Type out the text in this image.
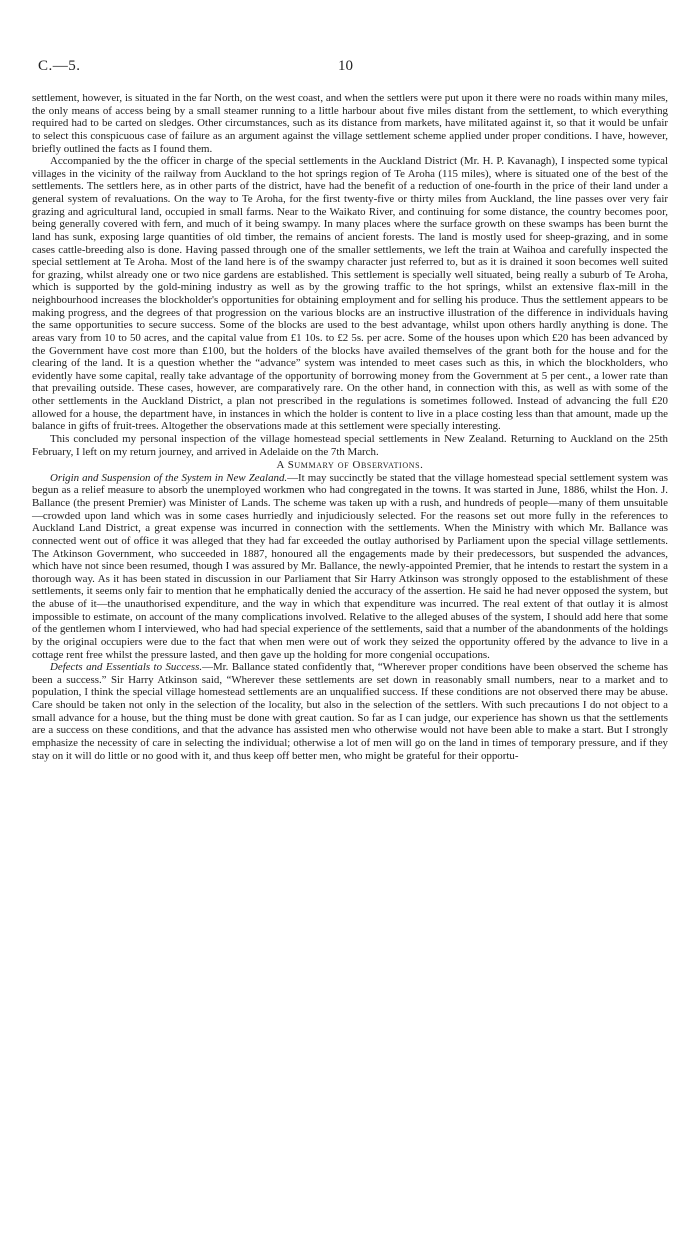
C.—5.	10

settlement, however, is situated in the far North, on the west coast, and when the settlers were put upon it there were no roads within many miles, the only means of access being by a small steamer running to a little harbour about five miles distant from the settlement, to which everything required had to be carted on sledges. Other circumstances, such as its distance from markets, have militated against it, so that it would be unfair to select this conspicuous case of failure as an argument against the village settlement scheme applied under proper conditions. I have, however, briefly outlined the facts as I found them.

Accompanied by the the officer in charge of the special settlements in the Auckland District (Mr. H. P. Kavanagh), I inspected some typical villages in the vicinity of the railway from Auckland to the hot springs region of Te Aroha (115 miles), where is situated one of the best of the settlements. The settlers here, as in other parts of the district, have had the benefit of a reduction of one-fourth in the price of their land under a general system of revaluations. On the way to Te Aroha, for the first twenty-five or thirty miles from Auckland, the line passes over very fair grazing and agricultural land, occupied in small farms. Near to the Waikato River, and continuing for some distance, the country becomes poor, being generally covered with fern, and much of it being swampy. In many places where the surface growth on these swamps has been burnt the land has sunk, exposing large quantities of old timber, the remains of ancient forests. The land is mostly used for sheep-grazing, and in some cases cattle-breeding also is done. Having passed through one of the smaller settlements, we left the train at Waihoa and carefully inspected the special settlement at Te Aroha. Most of the land here is of the swampy character just referred to, but as it is drained it soon becomes well suited for grazing, whilst already one or two nice gardens are established. This settlement is specially well situated, being really a suburb of Te Aroha, which is supported by the gold-mining industry as well as by the growing traffic to the hot springs, whilst an extensive flax-mill in the neighbourhood increases the blockholder's opportunities for obtaining employment and for selling his produce. Thus the settlement appears to be making progress, and the degrees of that progression on the various blocks are an instructive illustration of the difference in individuals having the same opportunities to secure success. Some of the blocks are used to the best advantage, whilst upon others hardly anything is done. The areas vary from 10 to 50 acres, and the capital value from £1 10s. to £2 5s. per acre. Some of the houses upon which £20 has been advanced by the Government have cost more than £100, but the holders of the blocks have availed themselves of the grant both for the house and for the clearing of the land. It is a question whether the “advance” system was intended to meet cases such as this, in which the blockholders, who evidently have some capital, really take advantage of the opportunity of borrowing money from the Government at 5 per cent., a lower rate than that prevailing outside. These cases, however, are comparatively rare. On the other hand, in connection with this, as well as with some of the other settlements in the Auckland District, a plan not prescribed in the regulations is sometimes followed. Instead of advancing the full £20 allowed for a house, the department have, in instances in which the holder is content to live in a place costing less than that amount, made up the balance in gifts of fruit-trees. Altogether the observations made at this settlement were specially interesting.

This concluded my personal inspection of the village homestead special settlements in New Zealand. Returning to Auckland on the 25th February, I left on my return journey, and arrived in Adelaide on the 7th March.

A Summary of Observations.

Origin and Suspension of the System in New Zealand.—It may succinctly be stated that the village homestead special settlement system was begun as a relief measure to absorb the unemployed workmen who had congregated in the towns. It was started in June, 1886, whilst the Hon. J. Ballance (the present Premier) was Minister of Lands. The scheme was taken up with a rush, and hundreds of people—many of them unsuitable—crowded upon land which was in some cases hurriedly and injudiciously selected. For the reasons set out more fully in the references to Auckland Land District, a great expense was incurred in connection with the settlements. When the Ministry with which Mr. Ballance was connected went out of office it was alleged that they had far exceeded the outlay authorised by Parliament upon the special village settlements. The Atkinson Government, who succeeded in 1887, honoured all the engagements made by their predecessors, but suspended the advances, which have not since been resumed, though I was assured by Mr. Ballance, the newly-appointed Premier, that he intends to restart the system in a thorough way. As it has been stated in discussion in our Parliament that Sir Harry Atkinson was strongly opposed to the establishment of these settlements, it seems only fair to mention that he emphatically denied the accuracy of the assertion. He said he had never opposed the system, but the abuse of it—the unauthorised expenditure, and the way in which that expenditure was incurred. The real extent of that outlay it is almost impossible to estimate, on account of the many complications involved. Relative to the alleged abuses of the system, I should add here that some of the gentlemen whom I interviewed, who had had special experience of the settlements, said that a number of the abandonments of the holdings by the original occupiers were due to the fact that when men were out of work they seized the opportunity offered by the advance to live in a cottage rent free whilst the pressure lasted, and then gave up the holding for more congenial occupations.

Defects and Essentials to Success.—Mr. Ballance stated confidently that, “Wherever proper conditions have been observed the scheme has been a success.” Sir Harry Atkinson said, “Wherever these settlements are set down in reasonably small numbers, near to a market and to population, I think the special village homestead settlements are an unqualified success. If these conditions are not observed there may be abuse. Care should be taken not only in the selection of the locality, but also in the selection of the settlers. With such precautions I do not object to a small advance for a house, but the thing must be done with great caution. So far as I can judge, our experience has shown us that the settlements are a success on these conditions, and that the advance has assisted men who otherwise would not have been able to make a start. But I strongly emphasize the necessity of care in selecting the individual; otherwise a lot of men will go on the land in times of temporary pressure, and if they stay on it will do little or no good with it, and thus keep off better men, who might be grateful for their opportu-
